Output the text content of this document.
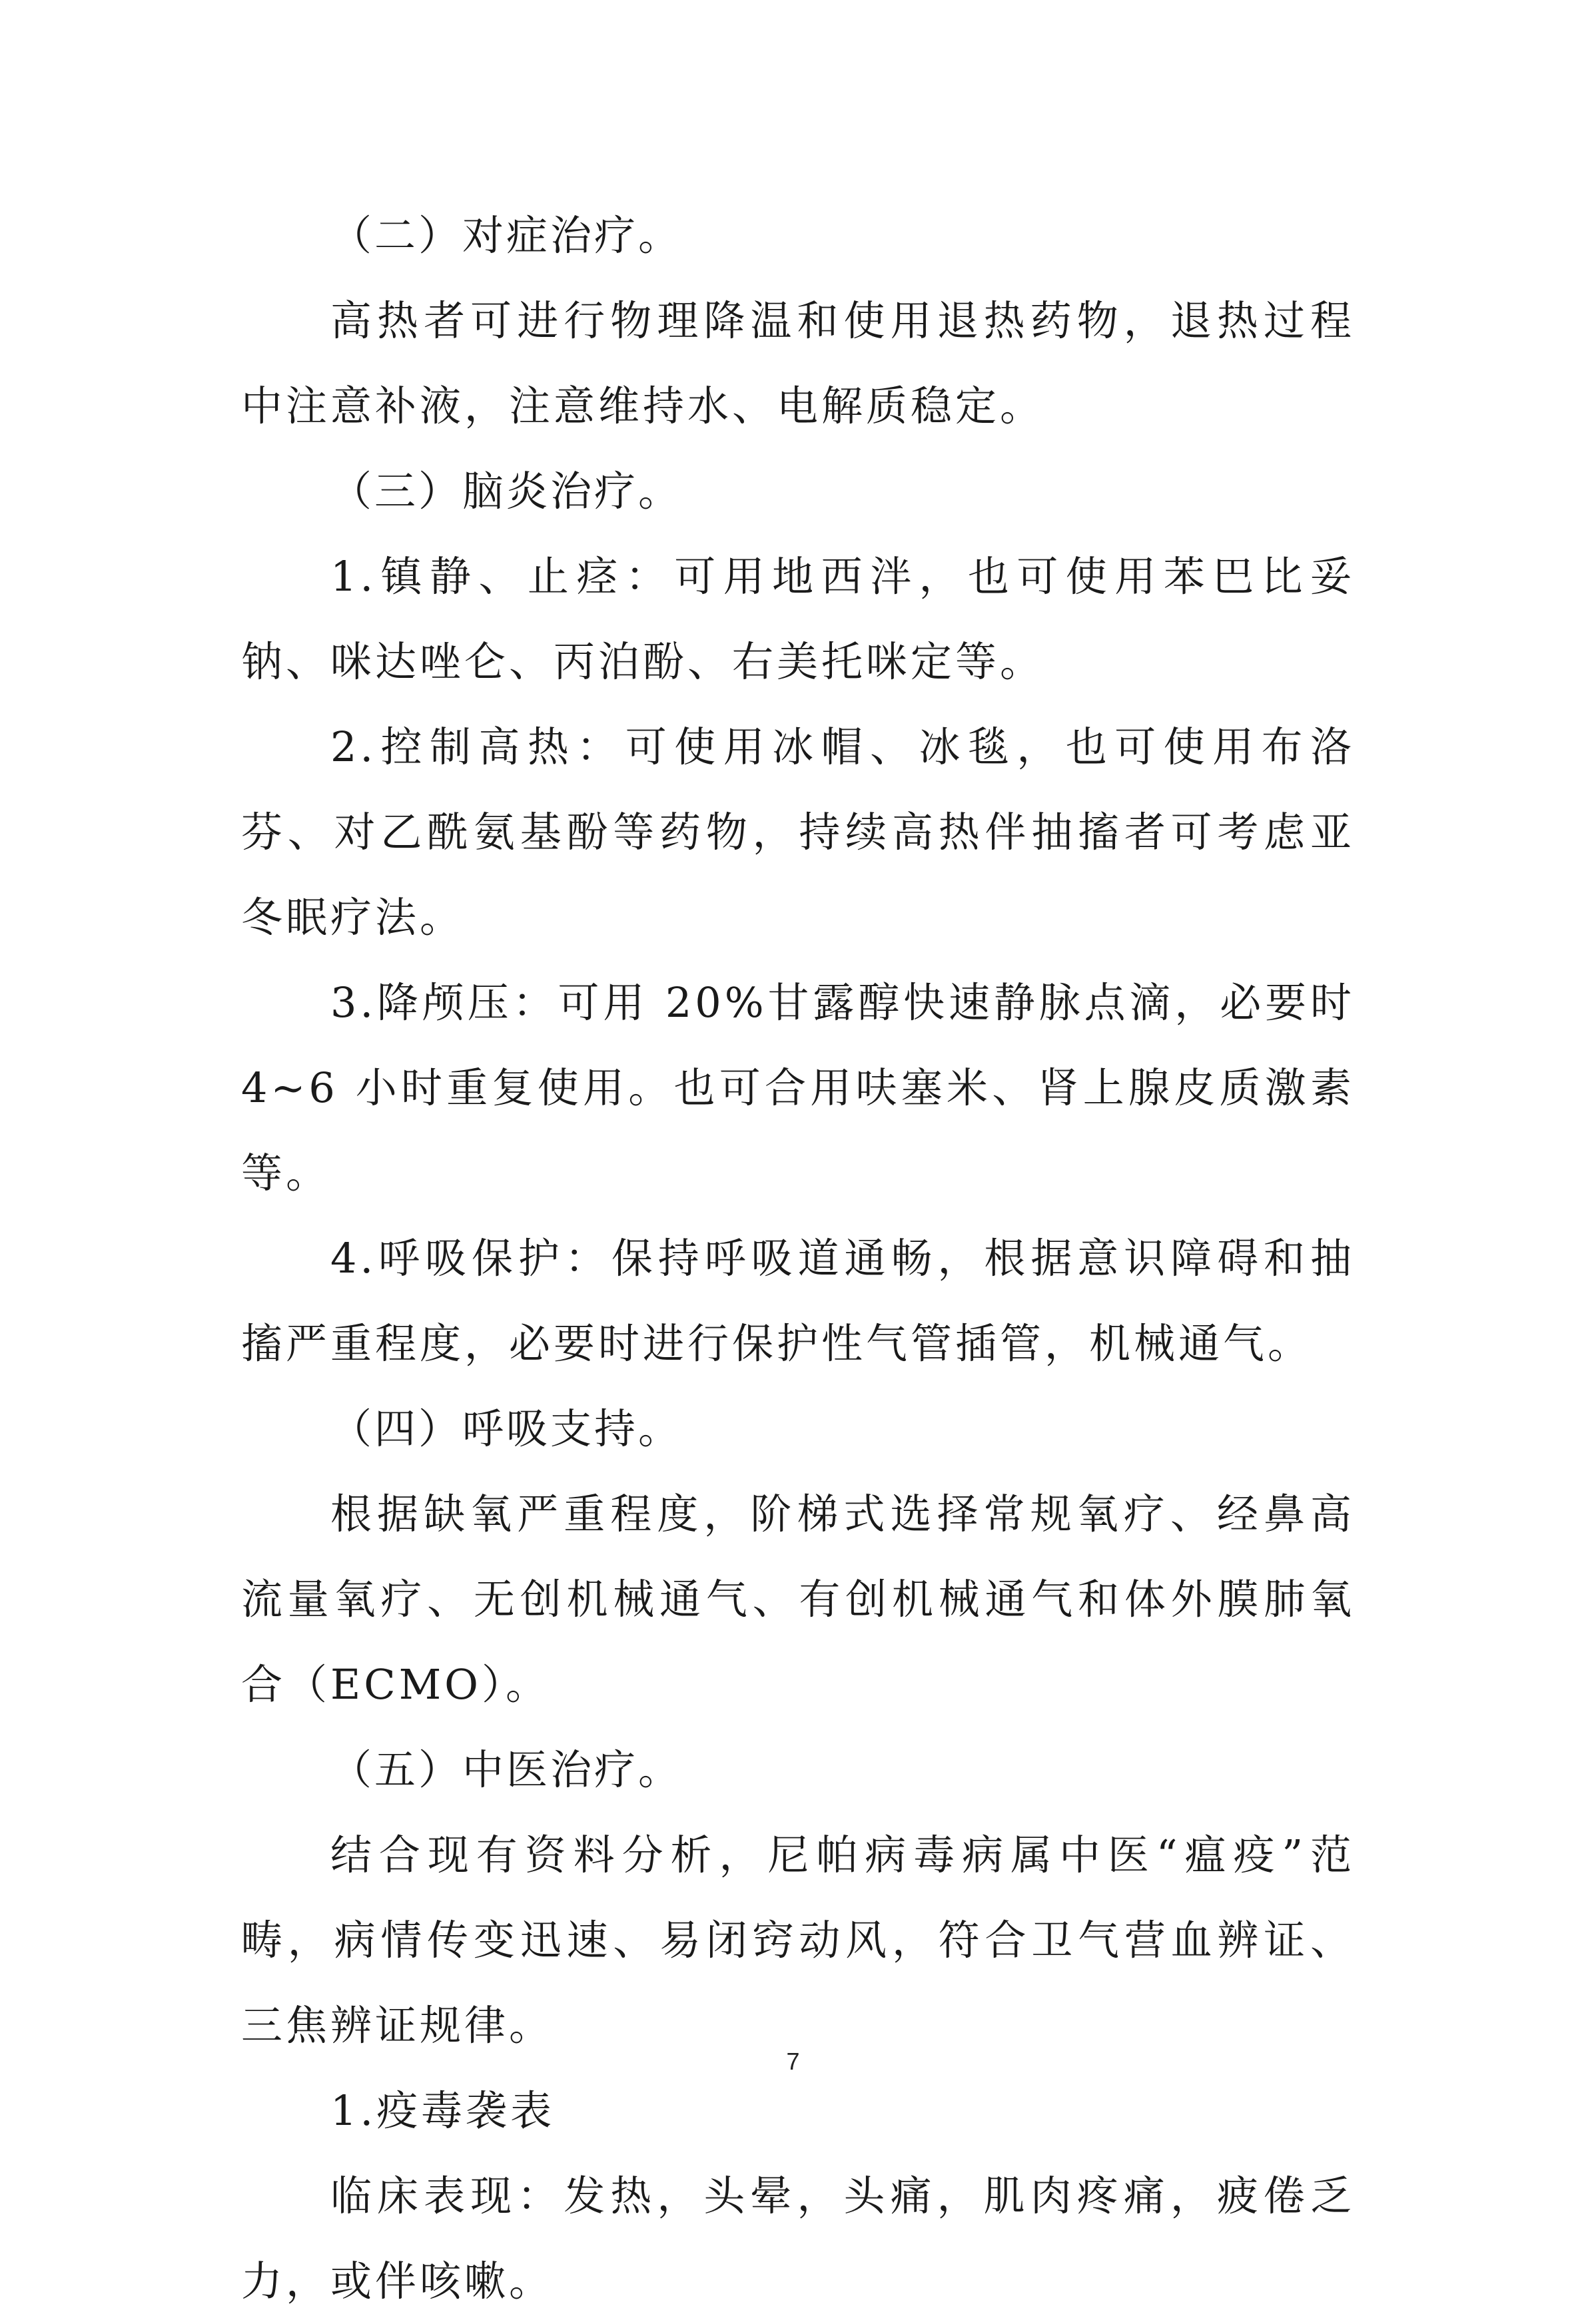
（二）对症治疗。

高热者可进行物理降温和使用退热药物，退热过程中注意补液，注意维持水、电解质稳定。

（三）脑炎治疗。

1.镇静、止痉：可用地西泮，也可使用苯巴比妥钠、咪达唑仑、丙泊酚、右美托咪定等。

2.控制高热：可使用冰帽、冰毯，也可使用布洛芬、对乙酰氨基酚等药物，持续高热伴抽搐者可考虑亚冬眠疗法。

3.降颅压：可用 20%甘露醇快速静脉点滴，必要时 4~6 小时重复使用。也可合用呋塞米、肾上腺皮质激素等。

4.呼吸保护：保持呼吸道通畅，根据意识障碍和抽搐严重程度，必要时进行保护性气管插管，机械通气。

（四）呼吸支持。

根据缺氧严重程度，阶梯式选择常规氧疗、经鼻高流量氧疗、无创机械通气、有创机械通气和体外膜肺氧合（ECMO）。

（五）中医治疗。

结合现有资料分析，尼帕病毒病属中医“瘟疫”范畴，病情传变迅速、易闭窍动风，符合卫气营血辨证、三焦辨证规律。

1.疫毒袭表

临床表现：发热，头晕，头痛，肌肉疼痛，疲倦乏力，或伴咳嗽。

7
